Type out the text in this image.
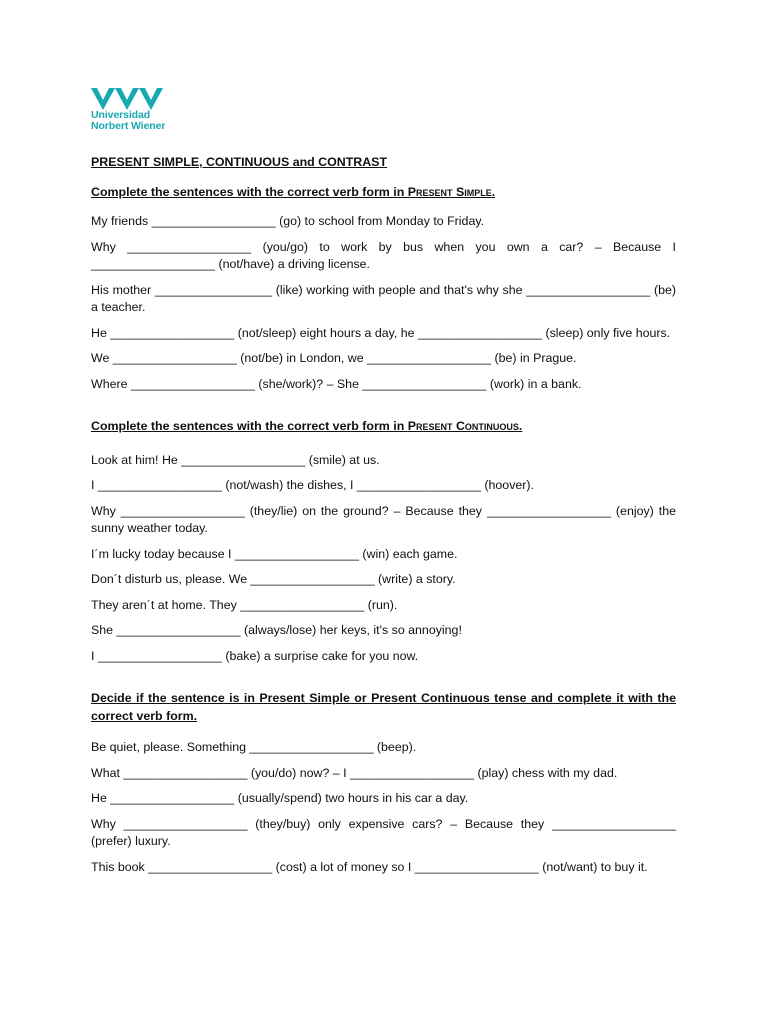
Universidad
Norbert Wiener

PRESENT SIMPLE, CONTINUOUS and CONTRAST

Complete the sentences with the correct verb form in Present Simple.

My friends __________________ (go) to school from Monday to Friday.

Why __________________ (you/go) to work by bus when you own a car? – Because I __________________ (not/have) a driving license.

His mother _________________ (like) working with people and that's why she __________________ (be) a teacher.

He __________________ (not/sleep) eight hours a day, he __________________ (sleep) only five hours.

We __________________ (not/be) in London, we __________________ (be) in Prague.

Where __________________ (she/work)? – She __________________ (work) in a bank.

Complete the sentences with the correct verb form in Present Continuous.

Look at him! He __________________ (smile) at us.

I __________________ (not/wash) the dishes, I __________________ (hoover).

Why __________________ (they/lie) on the ground? – Because they __________________ (enjoy) the sunny weather today.

I´m lucky today because I __________________ (win) each game.

Don´t disturb us, please. We __________________ (write) a story.

They aren´t at home. They __________________ (run).

She __________________ (always/lose) her keys, it's so annoying!

I __________________ (bake) a surprise cake for you now.

Decide if the sentence is in Present Simple or Present Continuous tense and complete it with the correct verb form.

Be quiet, please. Something __________________ (beep).

What __________________ (you/do) now? – I __________________ (play) chess with my dad.

He __________________ (usually/spend) two hours in his car a day.

Why __________________ (they/buy) only expensive cars? – Because they __________________ (prefer) luxury.

This book __________________ (cost) a lot of money so I __________________ (not/want) to buy it.
